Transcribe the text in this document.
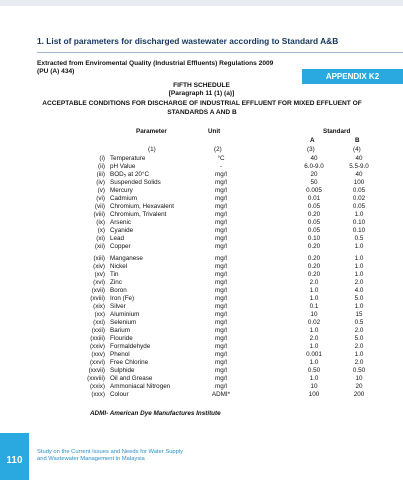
1. List of parameters for discharged wastewater according to Standard A&B
Extracted from Enviromental Quality (Industrial Effluents) Regulations 2009
(PU (A) 434)
APPENDIX K2
FIFTH SCHEDULE
[Paragraph 11 (1) (a)]
ACCEPTABLE CONDITIONS FOR DISCHARGE OF INDUSTRIAL EFFLUENT FOR MIXED EFFLUENT OF STANDARDS A AND B
Parameter	Unit	Standard
A	B
(1)	(2)	(3)	(4)
(i) Temperature	°C	40	40
(ii) pH Value	-	6.0-9.0	5.5-9.0
(iii) BOD₅ at 20°C	mg/l	20	40
(iv) Suspended Solids	mg/l	50	100
(v) Mercury	mg/l	0.005	0.05
(vi) Cadmium	mg/l	0.01	0.02
(vii) Chromium, Hexavalent	mg/l	0.05	0.05
(viii) Chromium, Trivalent	mg/l	0.20	1.0
(ix) Arsenic	mg/l	0.05	0.10
(x) Cyanide	mg/l	0.05	0.10
(xi) Lead	mg/l	0.10	0.5
(xii) Copper	mg/l	0.20	1.0
(xiii) Manganese	mg/l	0.20	1.0
(xiv) Nickel	mg/l	0.20	1.0
(xv) Tin	mg/l	0.20	1.0
(xvi) Zinc	mg/l	2.0	2.0
(xvii) Boron	mg/l	1.0	4.0
(xviii) Iron (Fe)	mg/l	1.0	5.0
(xix) Silver	mg/l	0.1	1.0
(xx) Aluminium	mg/l	10	15
(xxi) Selenium	mg/l	0.02	0.5
(xxii) Barium	mg/l	1.0	2.0
(xxiii) Flouride	mg/l	2.0	5.0
(xxiv) Formaldehyde	mg/l	1.0	2.0
(xxv) Phenol	mg/l	0.001	1.0
(xxvi) Free Chlorine	mg/l	1.0	2.0
(xxvii) Sulphide	mg/l	0.50	0.50
(xxviii) Oil and Grease	mg/l	1.0	10
(xxix) Ammoniacal Nitrogen	mg/l	10	20
(xxx) Colour	ADMI*	100	200
ADMI- American Dye Manufactures Institute
110
Study on the Current Issues and Needs for Water Supply
and Wastewater Management in Malaysia
